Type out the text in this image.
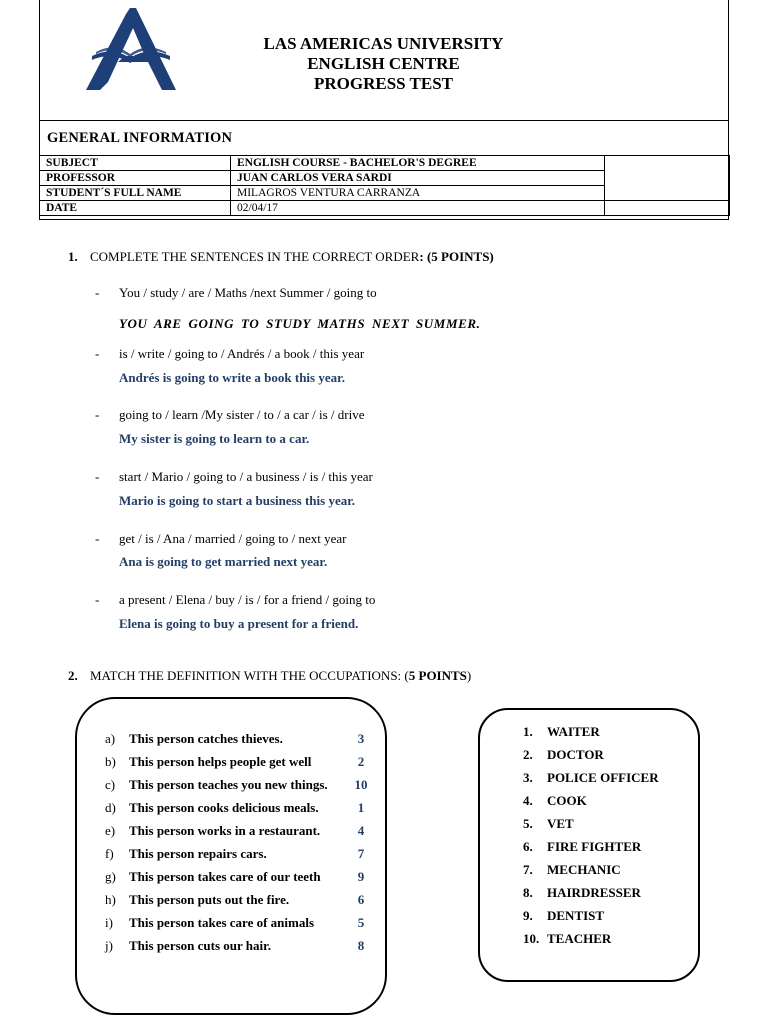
LAS AMERICAS UNIVERSITY
ENGLISH CENTRE
PROGRESS TEST
GENERAL INFORMATION
SUBJECT	ENGLISH COURSE - BACHELOR'S DEGREE	
PROFESSOR	JUAN CARLOS VERA SARDI	
STUDENT´S FULL NAME	MILAGROS VENTURA CARRANZA	
DATE	02/04/17	
1. COMPLETE THE SENTENCES IN THE CORRECT ORDER: (5 POINTS)
- You / study / are / Maths /next Summer / going to
YOU ARE GOING TO STUDY MATHS NEXT SUMMER.
- is / write / going to / Andrés / a book / this year
Andrés is going to write a book this year.
- going to / learn /My sister / to / a car / is / drive
My sister is going to learn to a car.
- start / Mario / going to / a business / is / this year
Mario is going to start a business this year.
- get / is / Ana / married / going to / next year
Ana is going to get married next year.
- a present / Elena / buy / is / for a friend / going to
Elena is going to buy a present for a friend.
2. MATCH THE DEFINITION WITH THE OCCUPATIONS: (5 POINTS)
a) This person catches thieves.	3
b) This person helps people get well	2
c) This person teaches you new things. 10
d) This person cooks delicious meals.	1
e) This person works in a restaurant.	4
f) This person repairs cars.	7
g) This person takes care of our teeth	9
h) This person puts out the fire.	6
i) This person takes care of animals	5
j) This person cuts our hair.	8
1. WAITER
2. DOCTOR
3. POLICE OFFICER
4. COOK
5. VET
6. FIRE FIGHTER
7. MECHANIC
8. HAIRDRESSER
9. DENTIST
10. TEACHER
